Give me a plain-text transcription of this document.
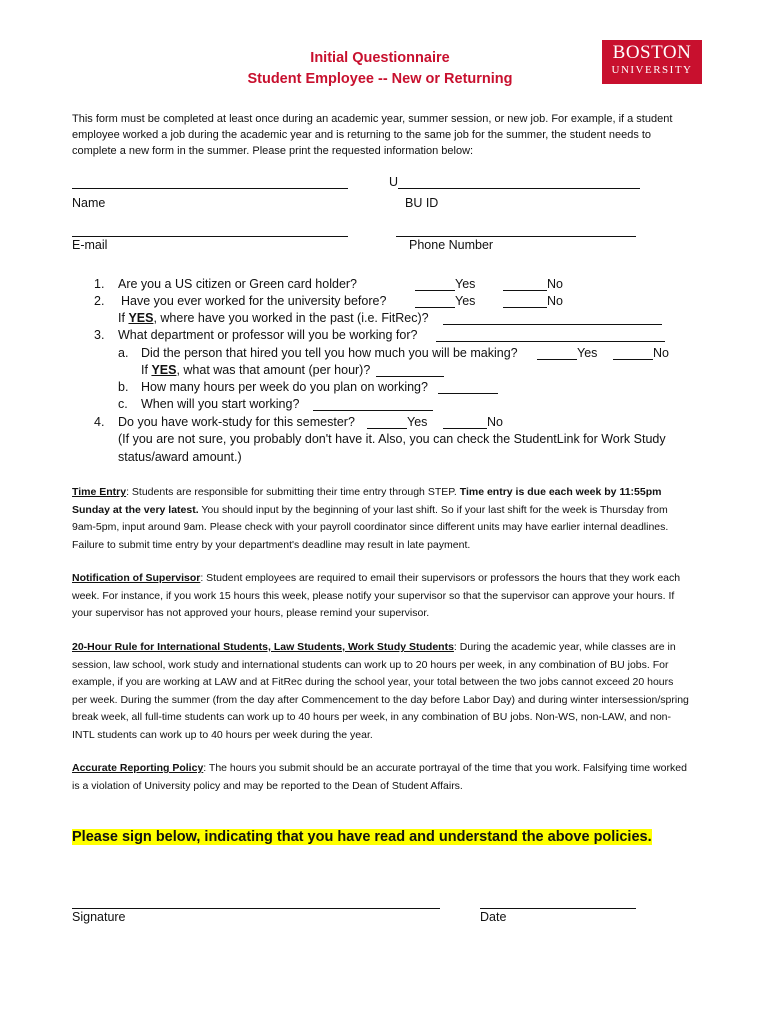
Initial Questionnaire
Student Employee -- New or Returning
BOSTON
UNIVERSITY
This form must be completed at least once during an academic year, summer session, or new job. For example, if a student employee worked a job during the academic year and is returning to the same job for the summer, the student needs to complete a new form in the summer. Please print the requested information below:
Name
U
BU ID
E-mail	Phone Number
1. Are you a US citizen or Green card holder?	Yes	No
2. Have you ever worked for the university before?	Yes	No
If YES, where have you worked in the past (i.e. FitRec)?
3. What department or professor will you be working for?
a. Did the person that hired you tell you how much you will be making?	Yes	No
If YES, what was that amount (per hour)?
b. How many hours per week do you plan on working?
c. When will you start working?
4. Do you have work-study for this semester?	Yes	No
(If you are not sure, you probably don't have it. Also, you can check the StudentLink for Work Study
status/award amount.)
Time Entry: Students are responsible for submitting their time entry through STEP. Time entry is due each week by 11:55pm Sunday at the very latest. You should input by the beginning of your last shift. So if your last shift for the week is Thursday from 9am-5pm, input around 9am. Please check with your payroll coordinator since different units may have earlier internal deadlines. Failure to submit time entry by your department's deadline may result in late payment.
Notification of Supervisor: Student employees are required to email their supervisors or professors the hours that they work each week. For instance, if you work 15 hours this week, please notify your supervisor so that the supervisor can approve your hours. If your supervisor has not approved your hours, please remind your supervisor.
20-Hour Rule for International Students, Law Students, Work Study Students: During the academic year, while classes are in session, law school, work study and international students can work up to 20 hours per week, in any combination of BU jobs. For example, if you are working at LAW and at FitRec during the school year, your total between the two jobs cannot exceed 20 hours per week. During the summer (from the day after Commencement to the day before Labor Day) and during winter intersession/spring break week, all full-time students can work up to 40 hours per week, in any combination of BU jobs. Non-WS, non-LAW, and non-INTL students can work up to 40 hours per week during the year.
Accurate Reporting Policy: The hours you submit should be an accurate portrayal of the time that you work. Falsifying time worked is a violation of University policy and may be reported to the Dean of Student Affairs.
Please sign below, indicating that you have read and understand the above policies.
Signature	Date
